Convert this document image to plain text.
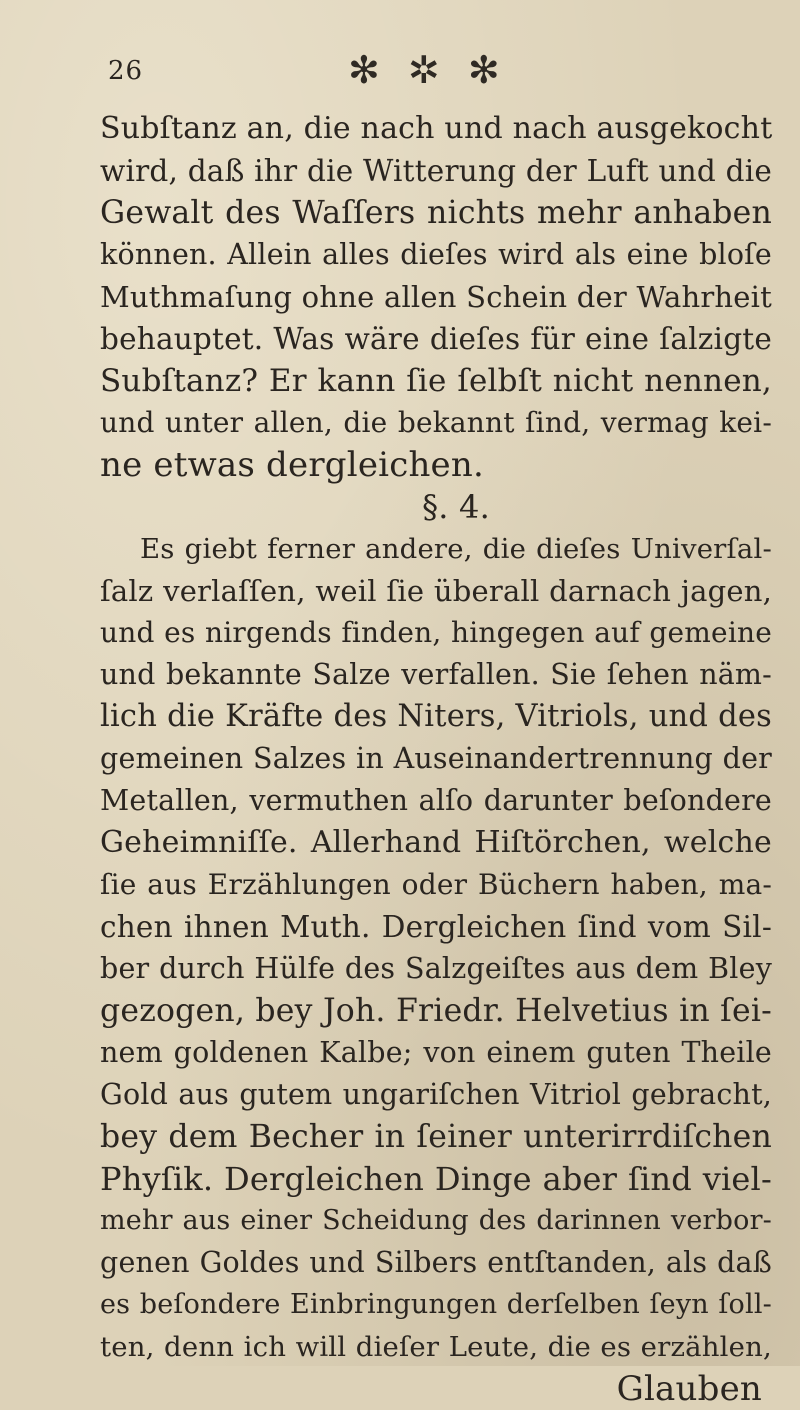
26	✻ ✲ ✻
Subſtanz an, die nach und nach ausgekocht
wird, daß ihr die Witterung der Luft und die
Gewalt des Waſſers nichts mehr anhaben
können. Allein alles dieſes wird als eine bloſe
Muthmaſung ohne allen Schein der Wahrheit
behauptet. Was wäre dieſes für eine ſalzigte
Subſtanz? Er kann ſie ſelbſt nicht nennen,
und unter allen, die bekannt ſind, vermag kei-
ne etwas dergleichen.
§. 4.
Es giebt ferner andere, die dieſes Univerſal-
ſalz verlaſſen, weil ſie überall darnach jagen,
und es nirgends finden, hingegen auf gemeine
und bekannte Salze verfallen. Sie ſehen näm-
lich die Kräfte des Niters, Vitriols, und des
gemeinen Salzes in Auseinandertrennung der
Metallen, vermuthen alſo darunter beſondere
Geheimniſſe. Allerhand Hiſtörchen, welche
ſie aus Erzählungen oder Büchern haben, ma-
chen ihnen Muth. Dergleichen ſind vom Sil-
ber durch Hülfe des Salzgeiſtes aus dem Bley
gezogen, bey Joh. Friedr. Helvetius in ſei-
nem goldenen Kalbe; von einem guten Theile
Gold aus gutem ungariſchen Vitriol gebracht,
bey dem Becher in ſeiner unterirrdiſchen
Phyſik. Dergleichen Dinge aber ſind viel-
mehr aus einer Scheidung des darinnen verbor-
genen Goldes und Silbers entſtanden, als daß
es beſondere Einbringungen derſelben ſeyn ſoll-
ten, denn ich will dieſer Leute, die es erzählen,
Glauben
